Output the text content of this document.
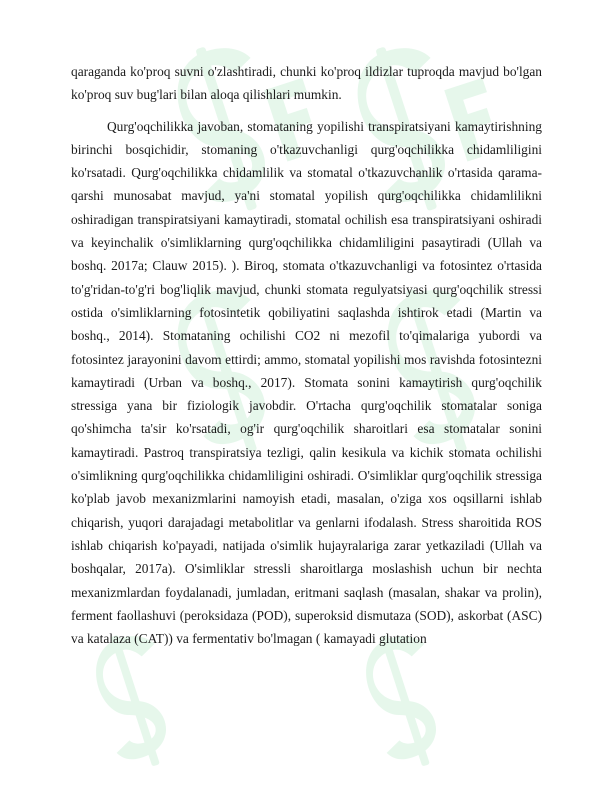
qaraganda ko'proq suvni o'zlashtiradi, chunki ko'proq ildizlar tuproqda mavjud bo'lgan ko'proq suv bug'lari bilan aloqa qilishlari mumkin.

Qurg'oqchilikka javoban, stomataning yopilishi transpiratsiyani kamaytirishning birinchi bosqichidir, stomaning o'tkazuvchanligi qurg'oqchilikka chidamliligini ko'rsatadi. Qurg'oqchilikka chidamlilik va stomatal o'tkazuvchanlik o'rtasida qarama-qarshi munosabat mavjud, ya'ni stomatal yopilish qurg'oqchilikka chidamlilikni oshiradigan transpiratsiyani kamaytiradi, stomatal ochilish esa transpiratsiyani oshiradi va keyinchalik o'simliklarning qurg'oqchilikka chidamliligini pasaytiradi (Ullah va boshq. 2017a; Clauw 2015). ). Biroq, stomata o'tkazuvchanligi va fotosintez o'rtasida to'g'ridan-to'g'ri bog'liqlik mavjud, chunki stomata regulyatsiyasi qurg'oqchilik stressi ostida o'simliklarning fotosintetik qobiliyatini saqlashda ishtirok etadi (Martin va boshq., 2014). Stomataning ochilishi CO2 ni mezofil to'qimalariga yubordi va fotosintez jarayonini davom ettirdi; ammo, stomatal yopilishi mos ravishda fotosintezni kamaytiradi (Urban va boshq., 2017). Stomata sonini kamaytirish qurg'oqchilik stressiga yana bir fiziologik javobdir. O'rtacha qurg'oqchilik stomatalar soniga qo'shimcha ta'sir ko'rsatadi, og'ir qurg'oqchilik sharoitlari esa stomatalar sonini kamaytiradi. Pastroq transpiratsiya tezligi, qalin kesikula va kichik stomata ochilishi o'simlikning qurg'oqchilikka chidamliligini oshiradi. O'simliklar qurg'oqchilik stressiga ko'plab javob mexanizmlarini namoyish etadi, masalan, o'ziga xos oqsillarni ishlab chiqarish, yuqori darajadagi metabolitlar va genlarni ifodalash. Stress sharoitida ROS ishlab chiqarish ko'payadi, natijada o'simlik hujayralariga zarar yetkaziladi (Ullah va boshqalar, 2017a). O'simliklar stressli sharoitlarga moslashish uchun bir nechta mexanizmlardan foydalanadi, jumladan, eritmani saqlash (masalan, shakar va prolin), ferment faollashuvi (peroksidaza (POD), superoksid dismutaza (SOD), askorbat (ASC) va katalaza (CAT)) va fermentativ bo'lmagan ( kamayadi glutation
